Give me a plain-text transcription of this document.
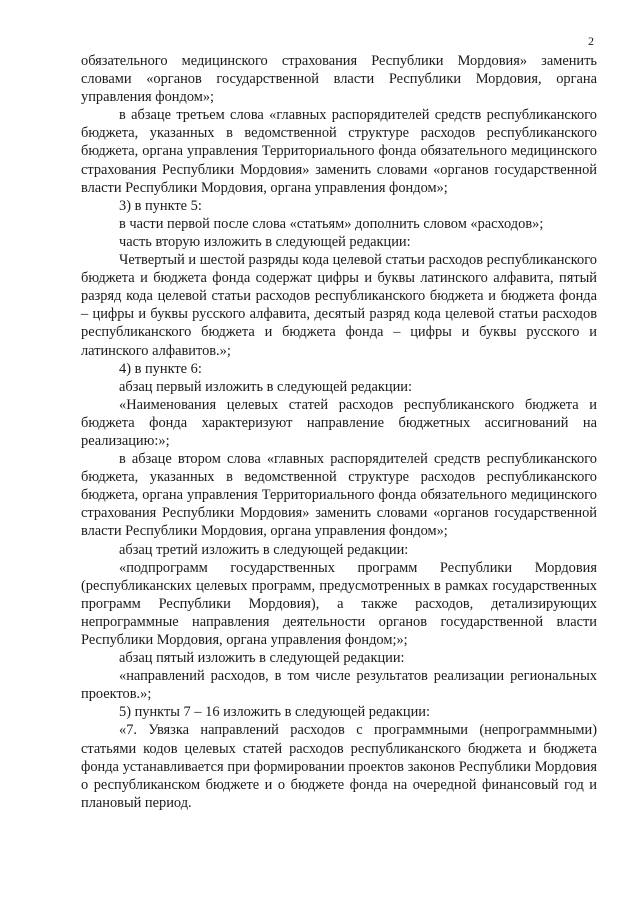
2

обязательного медицинского страхования Республики Мордовия» заменить словами «органов государственной власти Республики Мордовия, органа управления фондом»;

в абзаце третьем слова «главных распорядителей средств республиканского бюджета, указанных в ведомственной структуре расходов республиканского бюджета, органа управления Территориального фонда обязательного медицинского страхования Республики Мордовия» заменить словами «органов государственной власти Республики Мордовия, органа управления фондом»;

3) в пункте 5:

в части первой после слова «статьям» дополнить словом «расходов»;

часть вторую изложить в следующей редакции:

Четвертый и шестой разряды кода целевой статьи расходов республиканского бюджета и бюджета фонда содержат цифры и буквы латинского алфавита, пятый разряд кода целевой статьи расходов республиканского бюджета и бюджета фонда – цифры и буквы русского алфавита, десятый разряд кода целевой статьи расходов республиканского бюджета и бюджета фонда – цифры и буквы русского и латинского алфавитов.»;

4) в пункте 6:

абзац первый изложить в следующей редакции:

«Наименования целевых статей расходов республиканского бюджета и бюджета фонда характеризуют направление бюджетных ассигнований на реализацию:»;

в абзаце втором слова «главных распорядителей средств республиканского бюджета, указанных в ведомственной структуре расходов республиканского бюджета, органа управления Территориального фонда обязательного медицинского страхования Республики Мордовия» заменить словами «органов государственной власти Республики Мордовия, органа управления фондом»;

абзац третий изложить в следующей редакции:

«подпрограмм государственных программ Республики Мордовия (республиканских целевых программ, предусмотренных в рамках государственных программ Республики Мордовия), а также расходов, детализирующих непрограммные направления деятельности органов государственной власти Республики Мордовия, органа управления фондом;»;

абзац пятый изложить в следующей редакции:

«направлений расходов, в том числе результатов реализации региональных проектов.»;

5) пункты 7 – 16 изложить в следующей редакции:

«7. Увязка направлений расходов с программными (непрограммными) статьями кодов целевых статей расходов республиканского бюджета и бюджета фонда устанавливается при формировании проектов законов Республики Мордовия о республиканском бюджете и о бюджете фонда на очередной финансовый год и плановый период.
